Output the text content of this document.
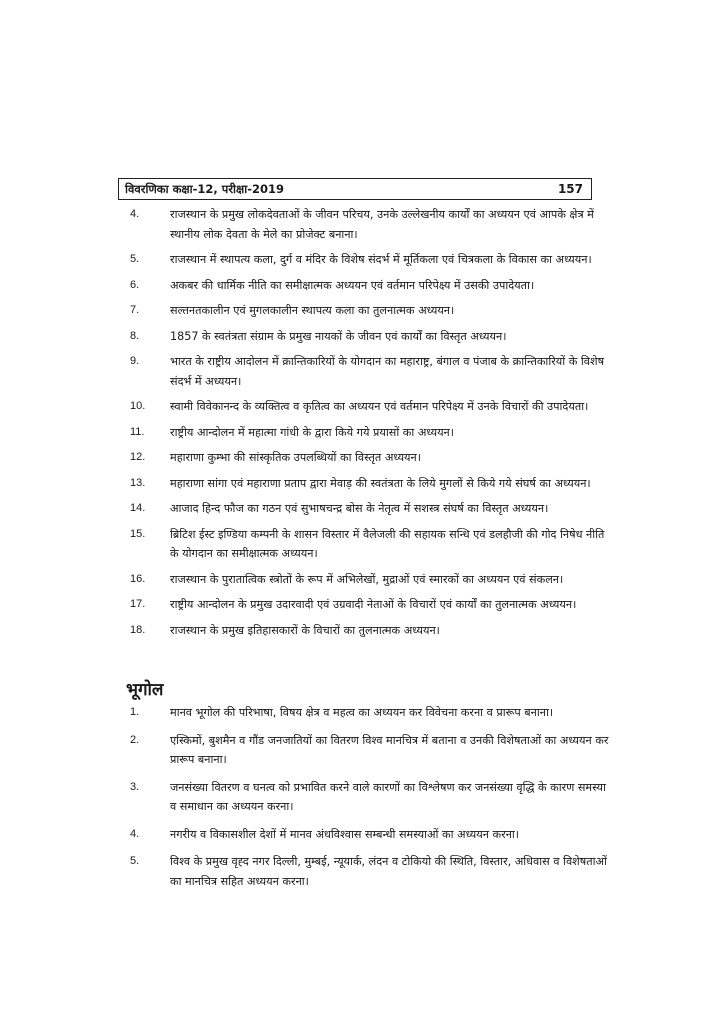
विवरणिका कक्षा-12, परीक्षा-2019	157
4.	राजस्थान के प्रमुख लोकदेवताओं के जीवन परिचय, उनके उल्लेखनीय कार्यों का अध्ययन एवं आपके क्षेत्र में स्थानीय लोक देवता के मेले का प्रोजेक्ट बनाना।
5.	राजस्थान में स्थापत्य कला, दुर्ग व मंदिर के विशेष संदर्भ में मूर्तिकला एवं चित्रकला के विकास का अध्ययन।
6.	अकबर की धार्मिक नीति का समीक्षात्मक अध्ययन एवं वर्तमान परिपेक्ष्य में उसकी उपादेयता।
7.	सल्तनतकालीन एवं मुगलकालीन स्थापत्य कला का तुलनात्मक अध्ययन।
8.	1857 के स्वतंत्रता संग्राम के प्रमुख नायकों के जीवन एवं कार्यों का विस्तृत अध्ययन।
9.	भारत के राष्ट्रीय आदोलन में क्रान्तिकारियों के योगदान का महाराष्ट्र, बंगाल व पंजाब के क्रान्तिकारियों के विशेष संदर्भ में अध्ययन।
10.	स्वामी विवेकानन्द के व्यक्तित्व व कृतित्व का अध्ययन एवं वर्तमान परिपेक्ष्य में उनके विचारों की उपादेयता।
11.	राष्ट्रीय आन्दोलन में महात्मा गांधी के द्वारा किये गये प्रयासों का अध्ययन।
12.	महाराणा कुम्भा की सांस्कृतिक उपलब्धियों का विस्तृत अध्ययन।
13.	महाराणा सांगा एवं महाराणा प्रताप द्वारा मेवाड़ की स्वतंत्रता के लिये मुगलों से किये गये संघर्ष का अध्ययन।
14.	आजाद हिन्द फौज का गठन एवं सुभाषचन्द्र बोस के नेतृत्व में सशस्त्र संघर्ष का विस्तृत अध्ययन।
15.	ब्रिटिश ईस्ट इण्डिया कम्पनी के शासन विस्तार में वैलेजली की सहायक सन्धि एवं डलहौजी की गोद निषेध नीति के योगदान का समीक्षात्मक अध्ययन।
16.	राजस्थान के पुरातात्विक स्त्रोतों के रूप में अभिलेखों, मुद्राओं एवं स्मारकों का अध्ययन एवं संकलन।
17.	राष्ट्रीय आन्दोलन के प्रमुख उदारवादी एवं उग्रवादी नेताओं के विचारों एवं कार्यों का तुलनात्मक अध्ययन।
18.	राजस्थान के प्रमुख इतिहासकारों के विचारों का तुलनात्मक अध्ययन।
भूगोल
1.	मानव भूगोल की परिभाषा, विषय क्षेत्र व महत्व का अध्ययन कर विवेचना करना व प्रारूप बनाना।
2.	एस्किमों, बुशमैन व गौंड जनजातियों का वितरण विश्व मानचित्र में बताना व उनकी विशेषताओं का अध्ययन कर प्रारूप बनाना।
3.	जनसंख्या वितरण व घनत्व को प्रभावित करने वाले कारणों का विश्लेषण कर जनसंख्या वृद्धि के कारण समस्या व समाधान का अध्ययन करना।
4.	नगरीय व विकासशील देशों में मानव अंधविश्वास सम्बन्धी समस्याओं का अध्ययन करना।
5.	विश्व के प्रमुख वृह्द नगर दिल्ली, मुम्बई, न्यूयार्क, लंदन व टोकियो की स्थिति, विस्तार, अधिवास व विशेषताओं का मानचित्र सहित अध्ययन करना।
